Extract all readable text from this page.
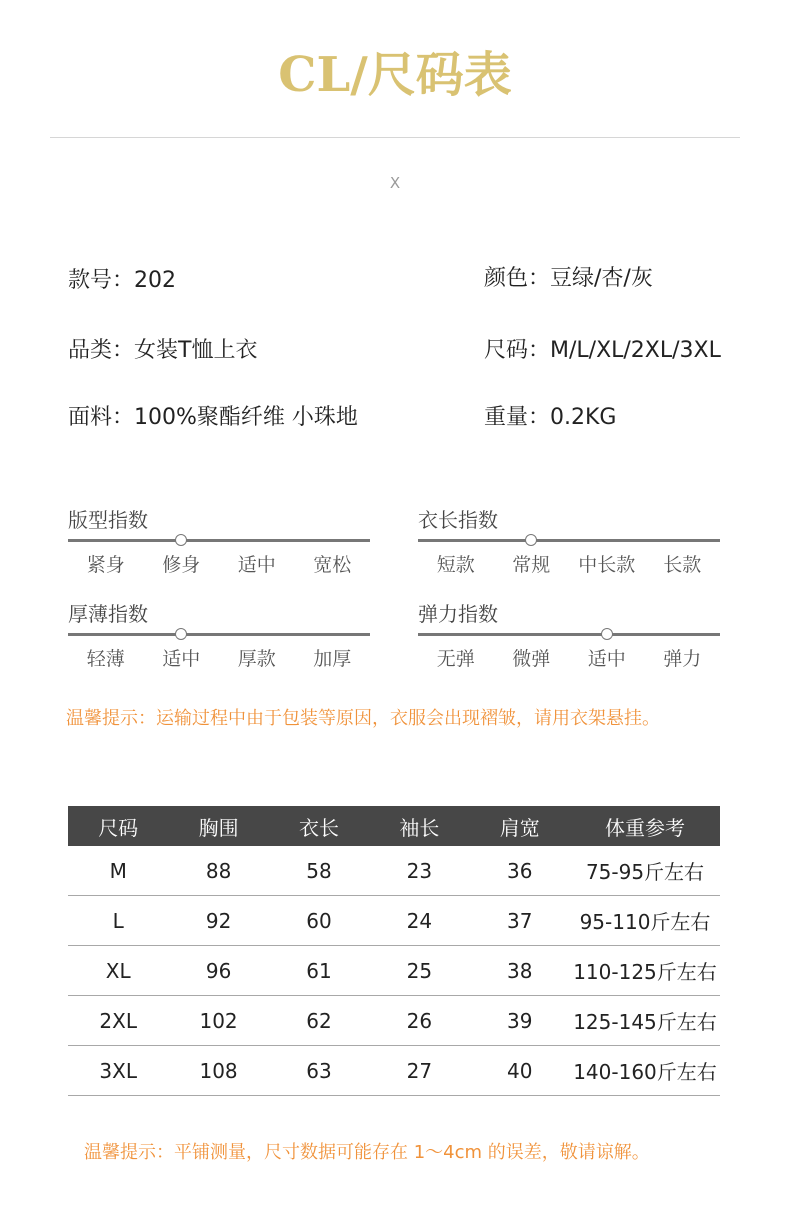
CL/尺码表
X
款号：202	颜色：豆绿/杏/灰
品类：女装T恤上衣	尺码：M/L/XL/2XL/3XL
面料：100%聚酯纤维 小珠地	重量：0.2KG
版型指数
紧身	修身	适中	宽松
衣长指数
短款	常规	中长款	长款
厚薄指数
轻薄	适中	厚款	加厚
弹力指数
无弹	微弹	适中	弹力
温馨提示：运输过程中由于包装等原因，衣服会出现褶皱，请用衣架悬挂。
尺码	胸围	衣长	袖长	肩宽	体重参考
M	88	58	23	36	75-95斤左右
L	92	60	24	37	95-110斤左右
XL	96	61	25	38	110-125斤左右
2XL	102	62	26	39	125-145斤左右
3XL	108	63	27	40	140-160斤左右
温馨提示：平铺测量，尺寸数据可能存在 1～4cm 的误差，敬请谅解。
